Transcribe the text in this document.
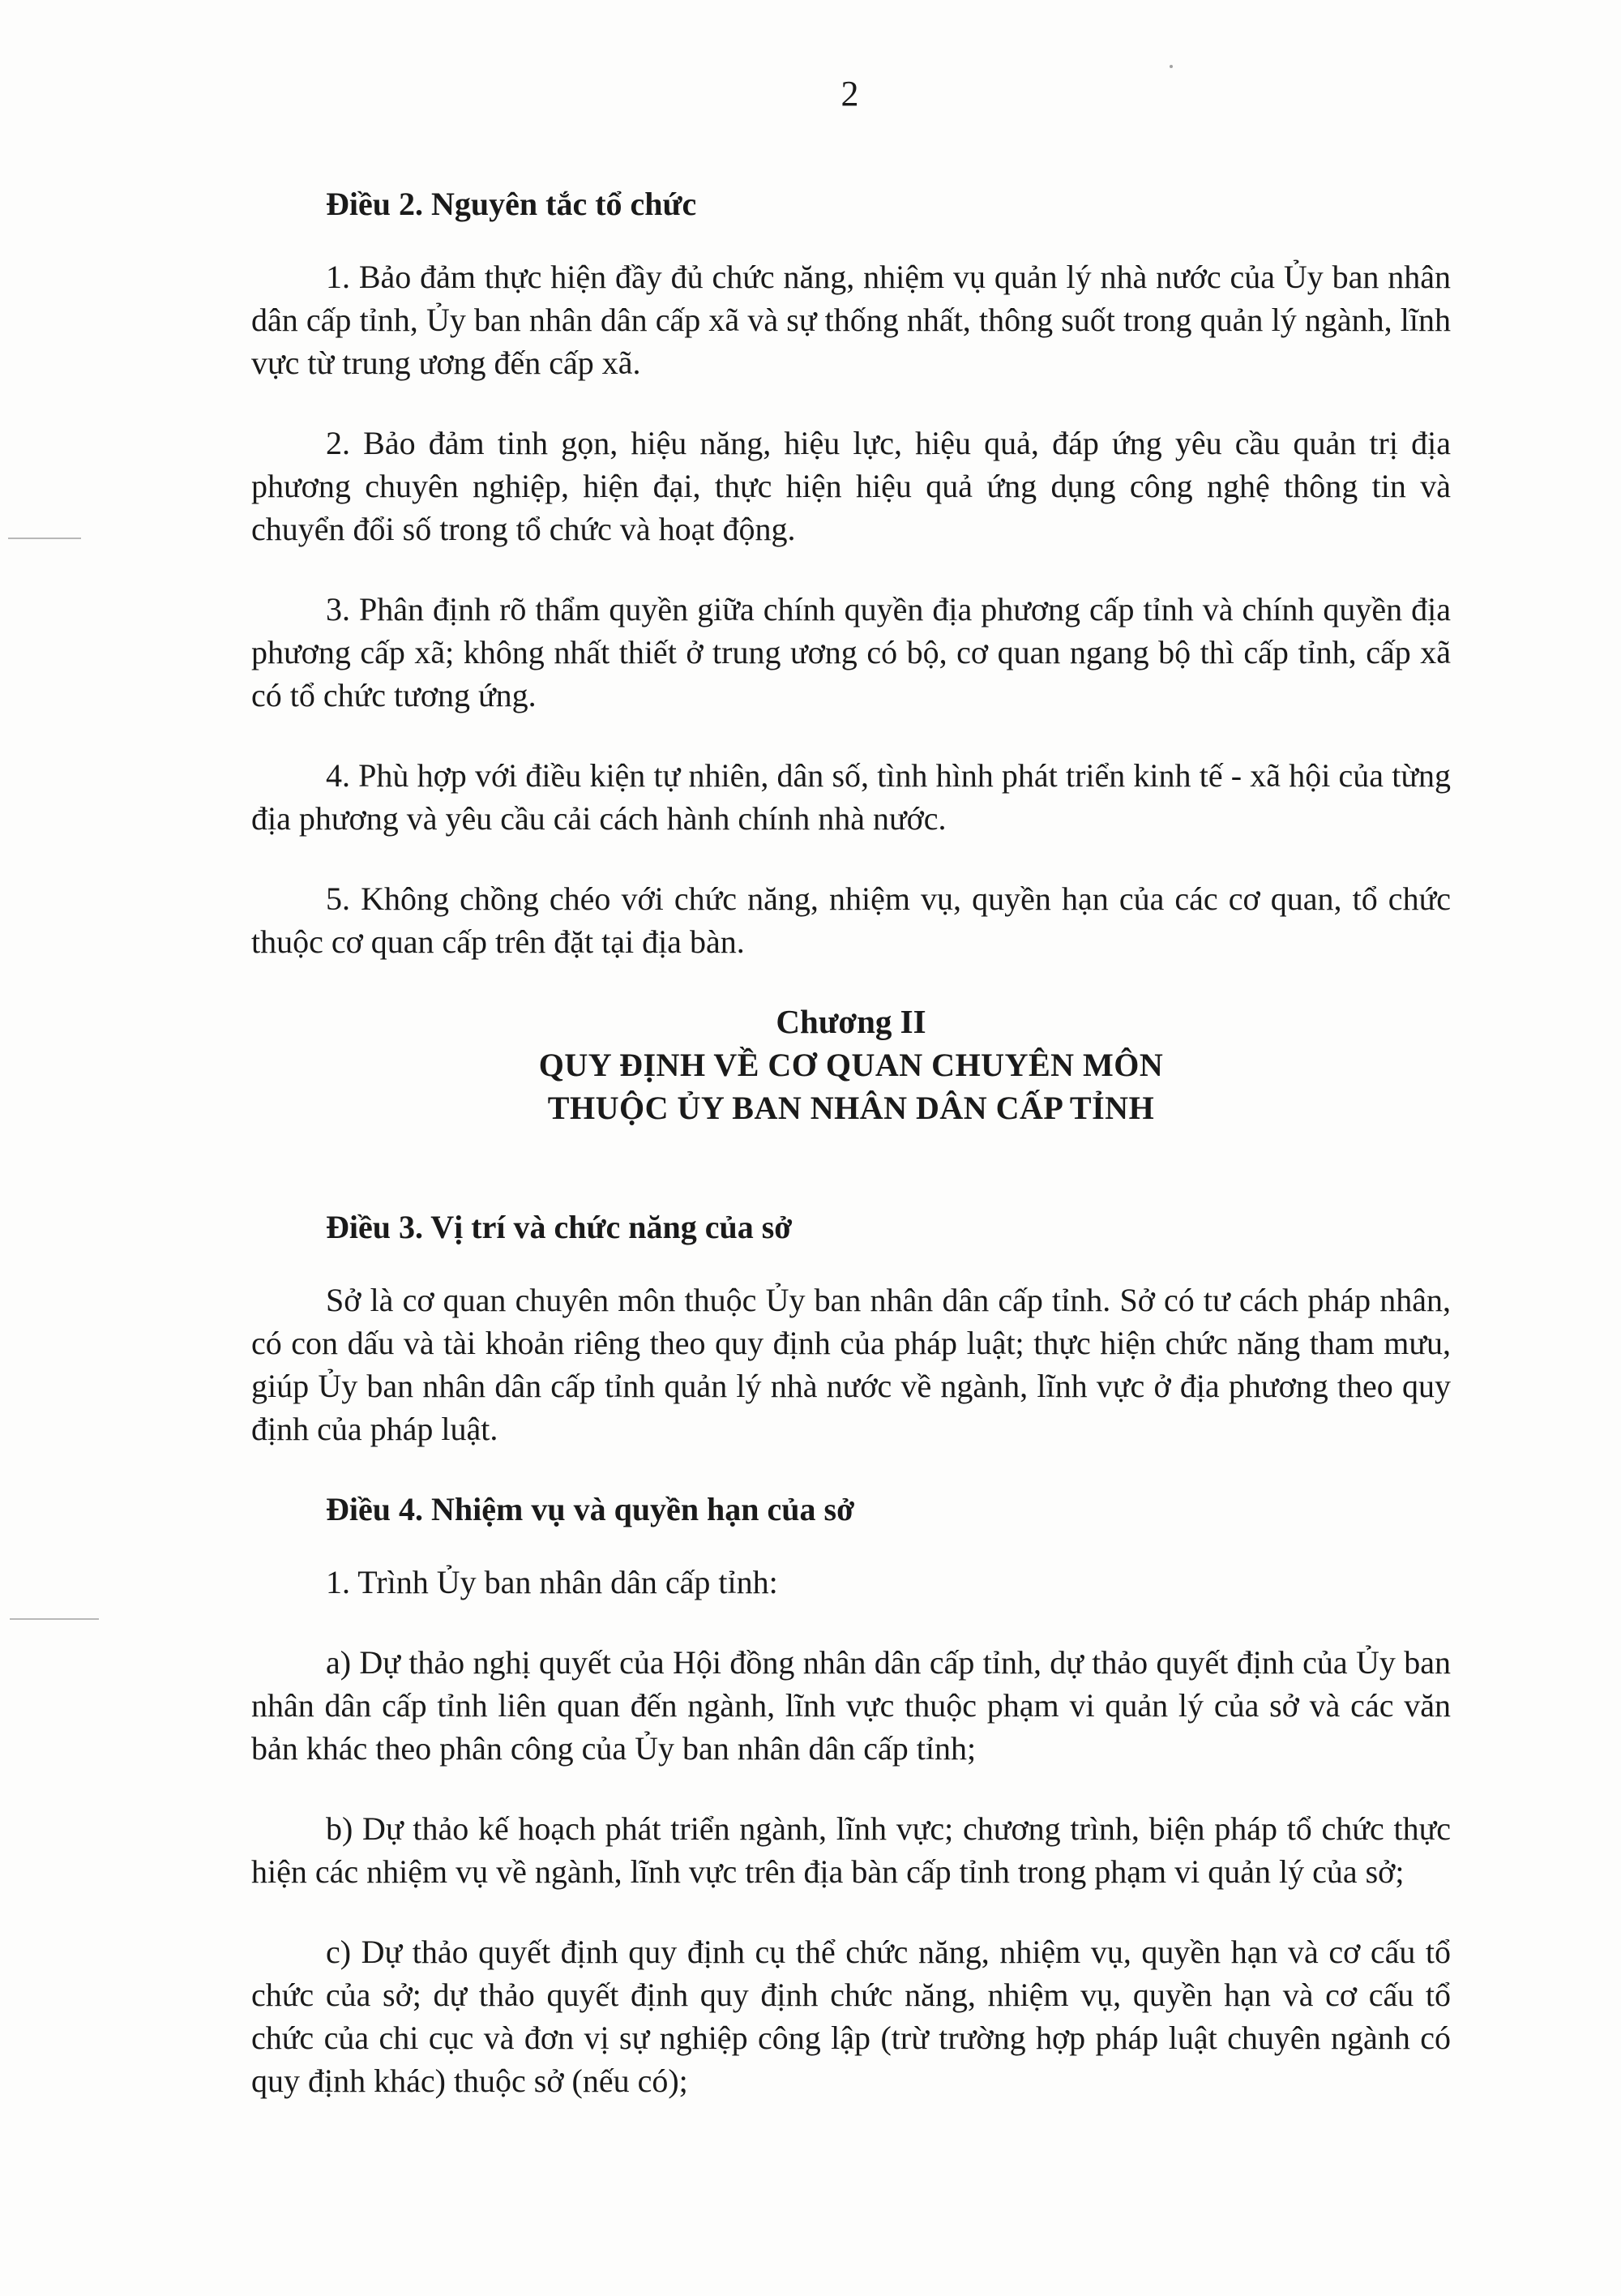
2
Điều 2. Nguyên tắc tổ chức

1. Bảo đảm thực hiện đầy đủ chức năng, nhiệm vụ quản lý nhà nước của Ủy ban nhân dân cấp tỉnh, Ủy ban nhân dân cấp xã và sự thống nhất, thông suốt trong quản lý ngành, lĩnh vực từ trung ương đến cấp xã.

2. Bảo đảm tinh gọn, hiệu năng, hiệu lực, hiệu quả, đáp ứng yêu cầu quản trị địa phương chuyên nghiệp, hiện đại, thực hiện hiệu quả ứng dụng công nghệ thông tin và chuyển đổi số trong tổ chức và hoạt động.

3. Phân định rõ thẩm quyền giữa chính quyền địa phương cấp tỉnh và chính quyền địa phương cấp xã; không nhất thiết ở trung ương có bộ, cơ quan ngang bộ thì cấp tỉnh, cấp xã có tổ chức tương ứng.

4. Phù hợp với điều kiện tự nhiên, dân số, tình hình phát triển kinh tế - xã hội của từng địa phương và yêu cầu cải cách hành chính nhà nước.

5. Không chồng chéo với chức năng, nhiệm vụ, quyền hạn của các cơ quan, tổ chức thuộc cơ quan cấp trên đặt tại địa bàn.

Chương II
QUY ĐỊNH VỀ CƠ QUAN CHUYÊN MÔN
THUỘC ỦY BAN NHÂN DÂN CẤP TỈNH
Điều 3. Vị trí và chức năng của sở

Sở là cơ quan chuyên môn thuộc Ủy ban nhân dân cấp tỉnh. Sở có tư cách pháp nhân, có con dấu và tài khoản riêng theo quy định của pháp luật; thực hiện chức năng tham mưu, giúp Ủy ban nhân dân cấp tỉnh quản lý nhà nước về ngành, lĩnh vực ở địa phương theo quy định của pháp luật.

Điều 4. Nhiệm vụ và quyền hạn của sở

1. Trình Ủy ban nhân dân cấp tỉnh:

a) Dự thảo nghị quyết của Hội đồng nhân dân cấp tỉnh, dự thảo quyết định của Ủy ban nhân dân cấp tỉnh liên quan đến ngành, lĩnh vực thuộc phạm vi quản lý của sở và các văn bản khác theo phân công của Ủy ban nhân dân cấp tỉnh;

b) Dự thảo kế hoạch phát triển ngành, lĩnh vực; chương trình, biện pháp tổ chức thực hiện các nhiệm vụ về ngành, lĩnh vực trên địa bàn cấp tỉnh trong phạm vi quản lý của sở;

c) Dự thảo quyết định quy định cụ thể chức năng, nhiệm vụ, quyền hạn và cơ cấu tổ chức của sở; dự thảo quyết định quy định chức năng, nhiệm vụ, quyền hạn và cơ cấu tổ chức của chi cục và đơn vị sự nghiệp công lập (trừ trường hợp pháp luật chuyên ngành có quy định khác) thuộc sở (nếu có);
